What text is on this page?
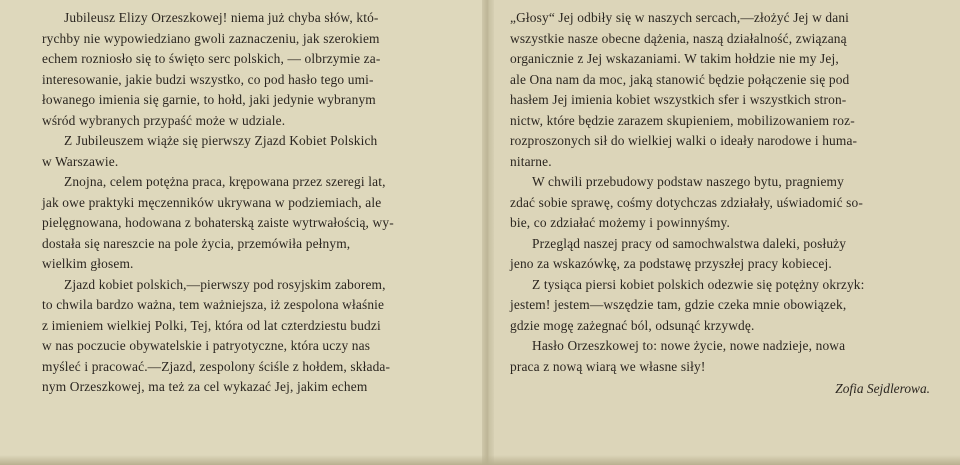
Jubileusz Elizy Orzeszkowej! niema już chyba słów, któ-
rychby nie wypowiedziano gwoli zaznaczeniu, jak szerokiem
echem rozniosło się to święto serc polskich, — olbrzymie za-
interesowanie, jakie budzi wszystko, co pod hasło tego umi-
łowanego imienia się garnie, to hołd, jaki jedynie wybranym
wśród wybranych przypaść może w udziale.
Z Jubileuszem wiąże się pierwszy Zjazd Kobiet Polskich
w Warszawie.
Znojna, celem potężna praca, krępowana przez szeregi lat,
jak owe praktyki męczenników ukrywana w podziemiach, ale
pielęgnowana, hodowana z bohaterską zaiste wytrwałością, wy-
dostała się nareszcie na pole życia, przemówiła pełnym,
wielkim głosem.
Zjazd kobiet polskich,—pierwszy pod rosyjskim zaborem,
to chwila bardzo ważna, tem ważniejsza, iż zespolona właśnie
z imieniem wielkiej Polki, Tej, która od lat czterdziestu budzi
w nas poczucie obywatelskie i patryotyczne, która uczy nas
myśleć i pracować.—Zjazd, zespolony ściśle z hołdem, składa-
nym Orzeszkowej, ma też za cel wykazać Jej, jakim echem
„Głosy“ Jej odbiły się w naszych sercach,—złożyć Jej w dani
wszystkie nasze obecne dążenia, naszą działalność, związaną
organicznie z Jej wskazaniami. W takim hołdzie nie my Jej,
ale Ona nam da moc, jaką stanowić będzie połączenie się pod
hasłem Jej imienia kobiet wszystkich sfer i wszystkich stron-
nictw, które będzie zarazem skupieniem, mobilizowaniem roz-
rozproszonych sił do wielkiej walki o ideały narodowe i huma-
nitarne.
W chwili przebudowy podstaw naszego bytu, pragniemy
zdać sobie sprawę, cośmy dotychczas zdziałały, uświadomić so-
bie, co zdziałać możemy i powinnyśmy.
Przegląd naszej pracy od samochwalstwa daleki, posłuży
jeno za wskazówkę, za podstawę przyszłej pracy kobiecej.
Z tysiąca piersi kobiet polskich odezwie się potężny okrzyk:
jestem! jestem—wszędzie tam, gdzie czeka mnie obowiązek,
gdzie mogę zażegnać ból, odsunąć krzywdę.
Hasło Orzeszkowej to: nowe życie, nowe nadzieje, nowa
praca z nową wiarą we własne siły!
Zofia Sejdlerowa.
